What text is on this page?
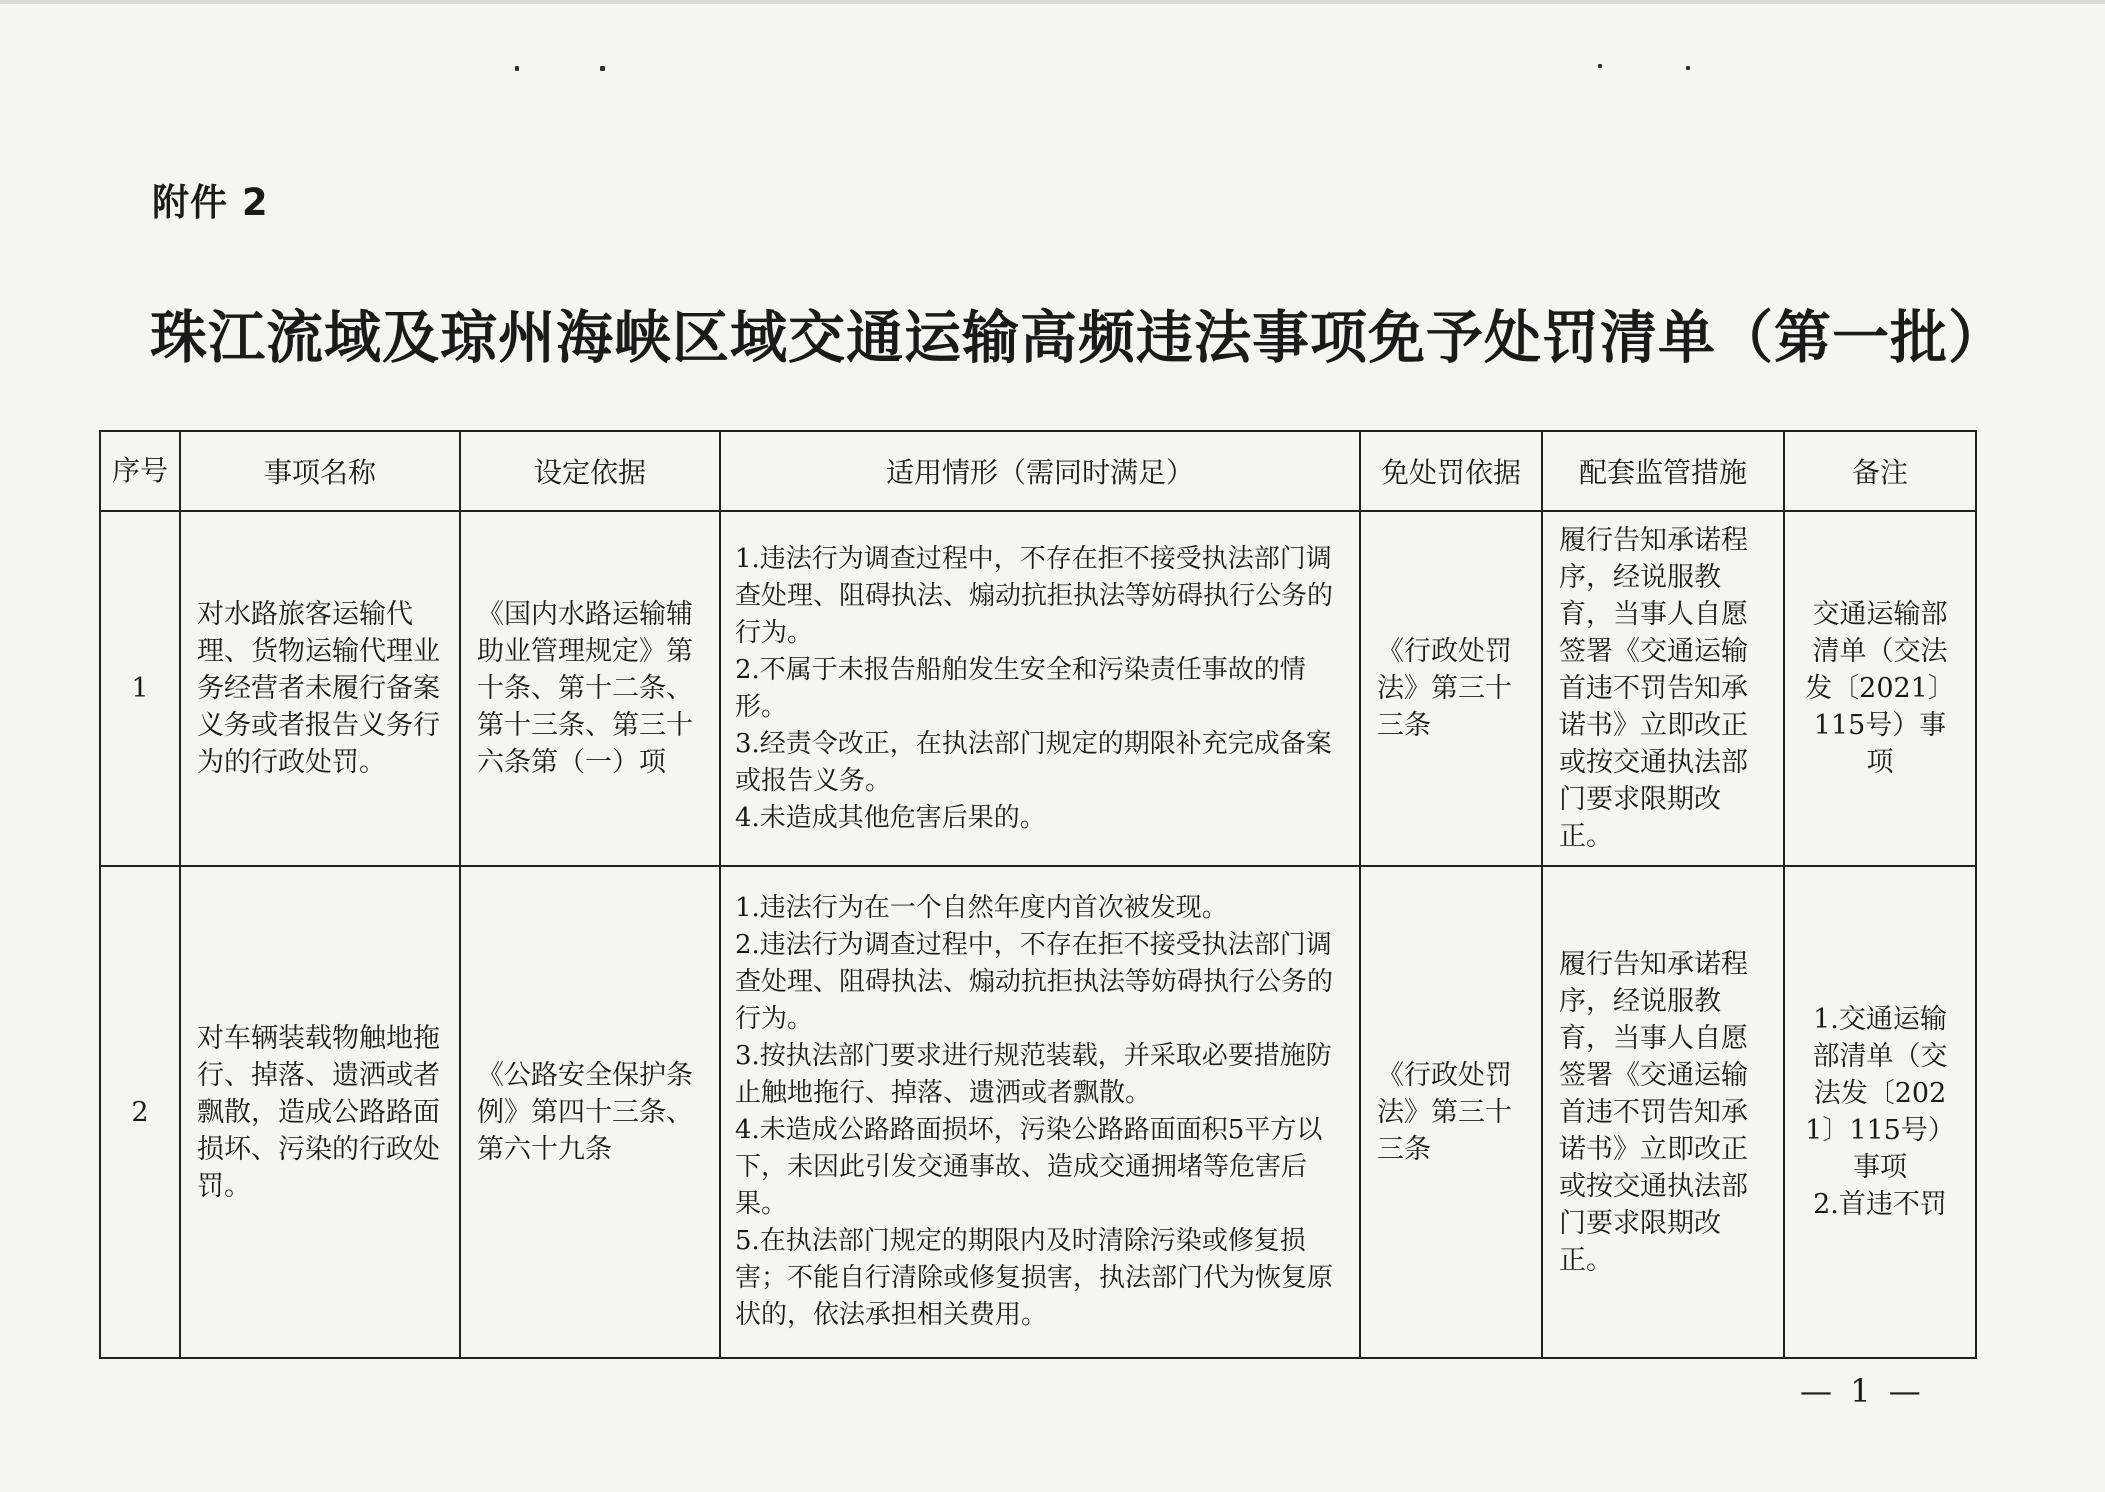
附件 2
珠江流域及琼州海峡区域交通运输高频违法事项免予处罚清单（第一批）
序号	事项名称	设定依据	适用情形（需同时满足）	免处罚依据	配套监管措施	备注
1	对水路旅客运输代理、货物运输代理业务经营者未履行备案义务或者报告义务行为的行政处罚。	《国内水路运输辅助业管理规定》第十条、第十二条、第十三条、第三十六条第（一）项	1.违法行为调查过程中，不存在拒不接受执法部门调查处理、阻碍执法、煽动抗拒执法等妨碍执行公务的行为。
2.不属于未报告船舶发生安全和污染责任事故的情形。
3.经责令改正，在执法部门规定的期限补充完成备案或报告义务。
4.未造成其他危害后果的。	《行政处罚法》第三十三条	履行告知承诺程序，经说服教育，当事人自愿签署《交通运输首违不罚告知承诺书》立即改正或按交通执法部门要求限期改正。	交通运输部清单（交法发〔2021〕115号）事项
2	对车辆装载物触地拖行、掉落、遗洒或者飘散，造成公路路面损坏、污染的行政处罚。	《公路安全保护条例》第四十三条、第六十九条	1.违法行为在一个自然年度内首次被发现。
2.违法行为调查过程中，不存在拒不接受执法部门调查处理、阻碍执法、煽动抗拒执法等妨碍执行公务的行为。
3.按执法部门要求进行规范装载，并采取必要措施防止触地拖行、掉落、遗洒或者飘散。
4.未造成公路路面损坏，污染公路路面面积5平方以下，未因此引发交通事故、造成交通拥堵等危害后果。
5.在执法部门规定的期限内及时清除污染或修复损害；不能自行清除或修复损害，执法部门代为恢复原状的，依法承担相关费用。	《行政处罚法》第三十三条	履行告知承诺程序，经说服教育，当事人自愿签署《交通运输首违不罚告知承诺书》立即改正或按交通执法部门要求限期改正。	1.交通运输部清单（交法发〔2021〕115号）事项
2.首违不罚
— 1 —
